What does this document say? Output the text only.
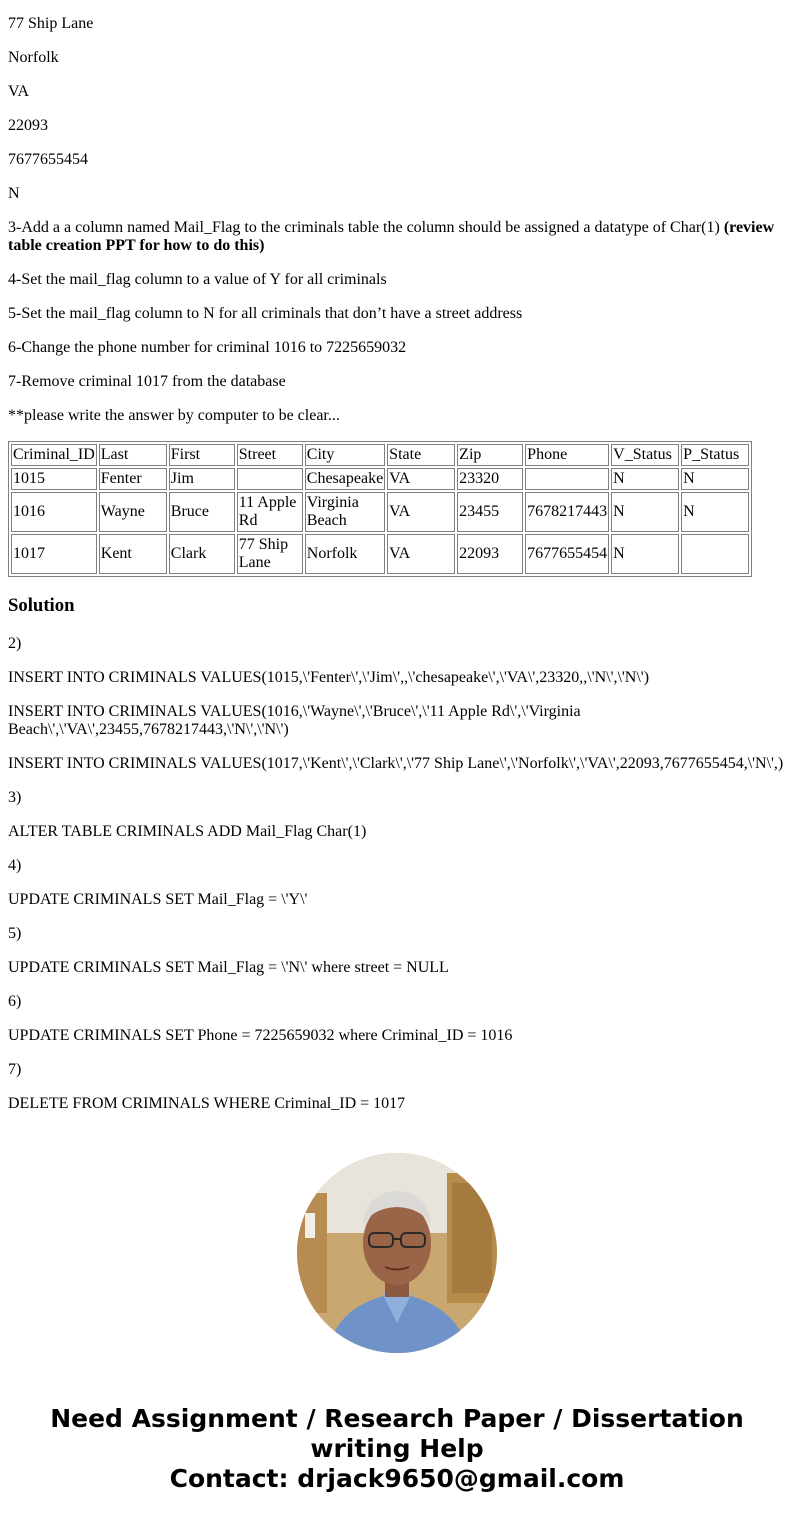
77 Ship Lane

Norfolk

VA

22093

7677655454

N

3-Add a a column named Mail_Flag to the criminals table the column should be assigned a datatype of Char(1) (review table creation PPT for how to do this)

4-Set the mail_flag column to a value of Y for all criminals

5-Set the mail_flag column to N for all criminals that don’t have a street address

6-Change the phone number for criminal 1016 to 7225659032

7-Remove criminal 1017 from the database

**please write the answer by computer to be clear...

Criminal_ID	Last	First	Street	City	State	Zip	Phone	V_Status	P_Status
1015	Fenter	Jim		Chesapeake	VA	23320		N	N
1016	Wayne	Bruce	11 Apple Rd	Virginia Beach	VA	23455	7678217443	N	N
1017	Kent	Clark	77 Ship Lane	Norfolk	VA	22093	7677655454	N	
Solution

2)

INSERT INTO CRIMINALS VALUES(1015,\'Fenter\',\'Jim\',,\'chesapeake\',\'VA\',23320,,\'N\',\'N\')

INSERT INTO CRIMINALS VALUES(1016,\'Wayne\',\'Bruce\',\'11 Apple Rd\',\'Virginia Beach\',\'VA\',23455,7678217443,\'N\',\'N\')

INSERT INTO CRIMINALS VALUES(1017,\'Kent\',\'Clark\',\'77 Ship Lane\',\'Norfolk\',\'VA\',22093,7677655454,\'N\',)

3)

ALTER TABLE CRIMINALS ADD Mail_Flag Char(1)

4)

UPDATE CRIMINALS SET Mail_Flag = \'Y\'

5)

UPDATE CRIMINALS SET Mail_Flag = \'N\' where street = NULL

6)

UPDATE CRIMINALS SET Phone = 7225659032 where Criminal_ID = 1016

7)

DELETE FROM CRIMINALS WHERE Criminal_ID = 1017

Need Assignment / Research Paper / Dissertation
writing Help
Contact: drjack9650@gmail.com
